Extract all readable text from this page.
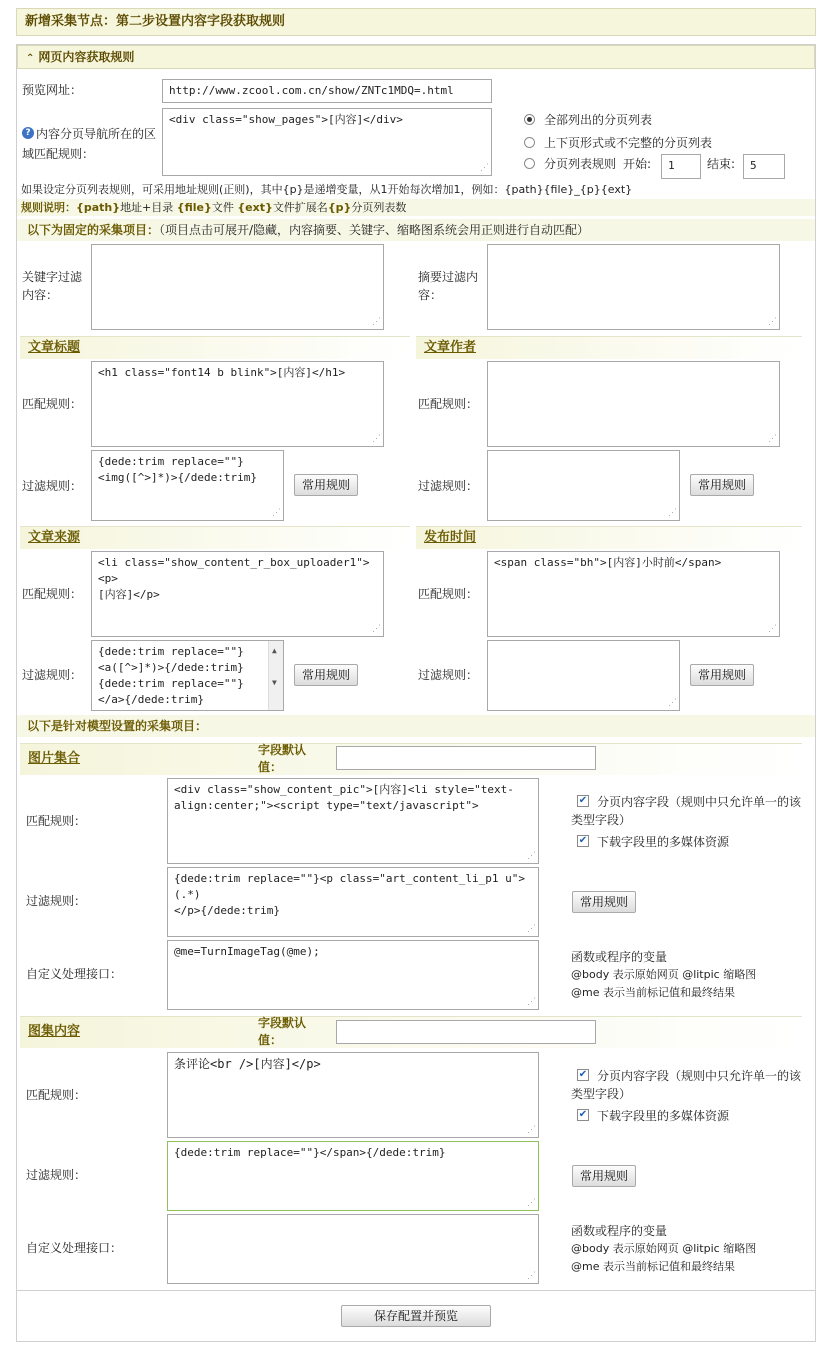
新增采集节点：第二步设置内容字段获取规则
⌃ 网页内容获取规则
预览网址：	http://www.zcool.com.cn/show/ZNTc1MDQ=.html
? 内容分页导航所在的区
域匹配规则：
<div class="show_pages">[内容]</div>
⋰
全部列出的分页列表
上下页形式或不完整的分页列表
分页列表规则 开始:	1	结束:	5
如果设定分页列表规则，可采用地址规则(正则)，其中{p}是递增变量，从1开始每次增加1，例如：{path}{file}_{p}{ext}
规则说明：{path}地址+目录 {file}文件 {ext}文件扩展名{p}分页列表数
以下为固定的采集项目：（项目点击可展开/隐藏，内容摘要、关键字、缩略图系统会用正则进行自动匹配）
关键字过滤
内容：
⋰
摘要过滤内
容：
⋰
文章标题
匹配规则：
<h1 class="font14 b blink">[内容]</h1>
⋰
过滤规则：
{dede:trim replace=""}
<img([^>]*)>{/dede:trim}
⋰
常用规则
文章作者
匹配规则：
⋰
过滤规则：
⋰
常用规则
文章来源
匹配规则：
<li class="show_content_r_box_uploader1"><p>
[内容]</p>
⋰
过滤规则：
{dede:trim replace=""}
<a([^>]*)>{/dede:trim}
{dede:trim replace=""}
</a>{/dede:trim}

▲
▼
常用规则
发布时间
匹配规则：
<span class="bh">[内容]小时前</span>
⋰
过滤规则：
⋰
常用规则
以下是针对模型设置的采集项目：
图片集合
字段默认
值：
匹配规则：
<div class="show_content_pic">[内容]<li style="text-
align:center;"><script type="text/javascript">
⋰
✔ 分页内容字段（规则中只允许单一的该
类型字段）
✔ 下载字段里的多媒体资源
过滤规则：
{dede:trim replace=""}<p class="art_content_li_p1 u">(.*)
</p>{/dede:trim}
⋰
常用规则
自定义处理接口：
@me=TurnImageTag(@me);
⋰
函数或程序的变量
@body 表示原始网页 @litpic 缩略图
@me 表示当前标记值和最终结果
图集内容
字段默认
值：
匹配规则：
条评论<br />[内容]</p>
⋰
✔ 分页内容字段（规则中只允许单一的该
类型字段）
✔ 下载字段里的多媒体资源
过滤规则：
{dede:trim replace=""}</span>{/dede:trim}
⋰
常用规则
自定义处理接口：
⋰
函数或程序的变量
@body 表示原始网页 @litpic 缩略图
@me 表示当前标记值和最终结果
保存配置并预览
